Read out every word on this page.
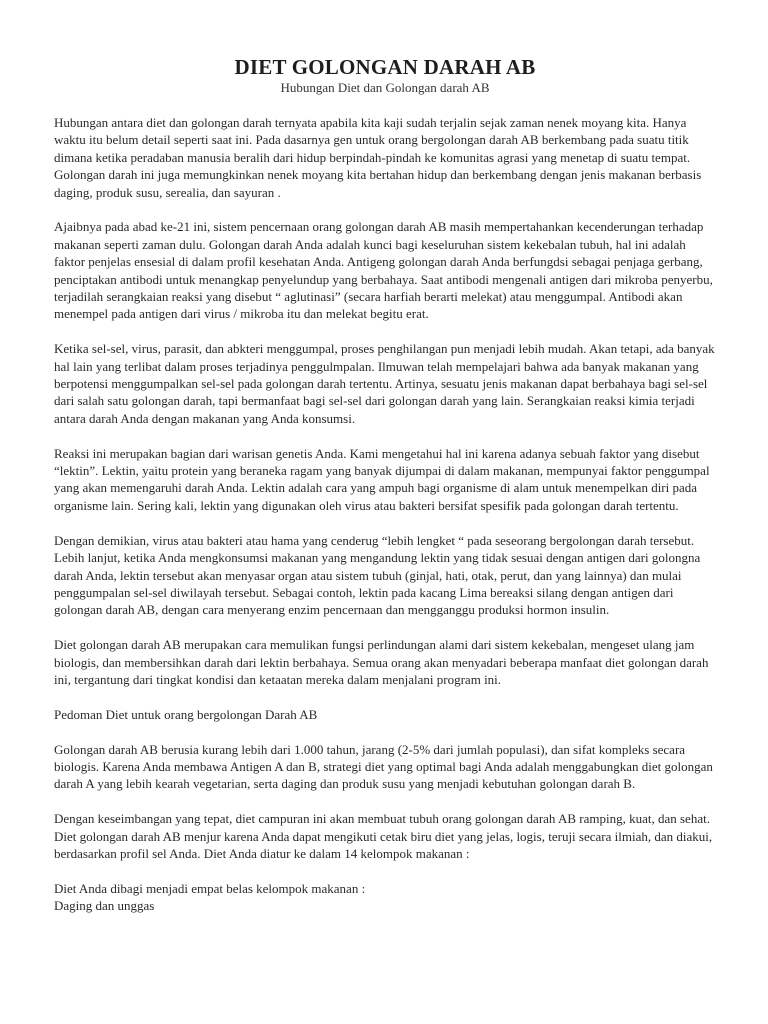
DIET GOLONGAN DARAH AB

Hubungan Diet dan Golongan darah AB

Hubungan antara diet dan golongan darah ternyata apabila kita kaji sudah terjalin sejak zaman nenek moyang kita. Hanya waktu itu belum detail seperti saat ini. Pada dasarnya gen untuk orang bergolongan darah AB berkembang pada suatu titik dimana ketika peradaban manusia beralih dari hidup berpindah-pindah ke komunitas agrasi yang menetap di suatu tempat. Golongan darah ini juga memungkinkan nenek moyang kita bertahan hidup dan berkembang dengan jenis makanan berbasis daging, produk susu, serealia, dan sayuran .

Ajaibnya pada abad ke-21 ini, sistem pencernaan orang golongan darah AB masih mempertahankan kecenderungan terhadap makanan seperti zaman dulu. Golongan darah Anda adalah kunci bagi keseluruhan sistem kekebalan tubuh, hal ini adalah faktor penjelas ensesial di dalam profil kesehatan Anda. Antigeng golongan darah Anda berfungdsi sebagai penjaga gerbang, penciptakan antibodi untuk menangkap penyelundup yang berbahaya. Saat antibodi mengenali antigen dari mikroba penyerbu, terjadilah serangkaian reaksi yang disebut “ aglutinasi” (secara harfiah berarti melekat) atau menggumpal. Antibodi akan menempel pada antigen dari virus / mikroba itu dan melekat begitu erat.

Ketika sel-sel, virus, parasit, dan abkteri menggumpal, proses penghilangan pun menjadi lebih mudah. Akan tetapi, ada banyak hal lain yang terlibat dalam proses terjadinya penggulmpalan. Ilmuwan telah mempelajari bahwa ada banyak makanan yang berpotensi menggumpalkan sel-sel pada golongan darah tertentu. Artinya, sesuatu jenis makanan dapat berbahaya bagi sel-sel dari salah satu golongan darah, tapi bermanfaat bagi sel-sel dari golongan darah yang lain. Serangkaian reaksi kimia terjadi antara darah Anda dengan makanan yang Anda konsumsi.

Reaksi ini merupakan bagian dari warisan genetis Anda. Kami mengetahui hal ini karena adanya sebuah faktor yang disebut “lektin”. Lektin, yaitu protein yang beraneka ragam yang banyak dijumpai di dalam makanan, mempunyai faktor penggumpal yang akan memengaruhi darah Anda. Lektin adalah cara yang ampuh bagi organisme di alam untuk menempelkan diri pada organisme lain. Sering kali, lektin yang digunakan oleh virus atau bakteri bersifat spesifik pada golongan darah tertentu.

Dengan demikian, virus atau bakteri atau hama yang cenderug “lebih lengket “ pada seseorang bergolongan darah tersebut. Lebih lanjut, ketika Anda mengkonsumsi makanan yang mengandung lektin yang tidak sesuai dengan antigen dari golongna darah Anda, lektin tersebut akan menyasar organ atau sistem tubuh (ginjal, hati, otak, perut, dan yang lainnya) dan mulai penggumpalan sel-sel diwilayah tersebut. Sebagai contoh, lektin pada kacang Lima bereaksi silang dengan antigen dari golongan darah AB, dengan cara menyerang enzim pencernaan dan mengganggu produksi hormon insulin.

Diet golongan darah AB merupakan cara memulikan fungsi perlindungan alami dari sistem kekebalan, mengeset ulang jam biologis, dan membersihkan darah dari lektin berbahaya. Semua orang akan menyadari beberapa manfaat diet golongan darah ini, tergantung dari tingkat kondisi dan ketaatan mereka dalam menjalani program ini.

Pedoman Diet untuk orang bergolongan Darah AB

Golongan darah AB berusia kurang lebih dari 1.000 tahun, jarang (2-5% dari jumlah populasi), dan sifat kompleks secara biologis. Karena Anda membawa Antigen A dan B, strategi diet yang optimal bagi Anda adalah menggabungkan diet golongan darah A yang lebih kearah vegetarian, serta daging dan produk susu yang menjadi kebutuhan golongan darah B.

Dengan keseimbangan yang tepat, diet campuran ini akan membuat tubuh orang golongan darah AB ramping, kuat, dan sehat. Diet golongan darah AB menjur karena Anda dapat mengikuti cetak biru diet yang jelas, logis, teruji secara ilmiah, dan diakui, berdasarkan profil sel Anda. Diet Anda diatur ke dalam 14 kelompok makanan :

Diet Anda dibagi menjadi empat belas kelompok makanan :

Daging dan unggas
